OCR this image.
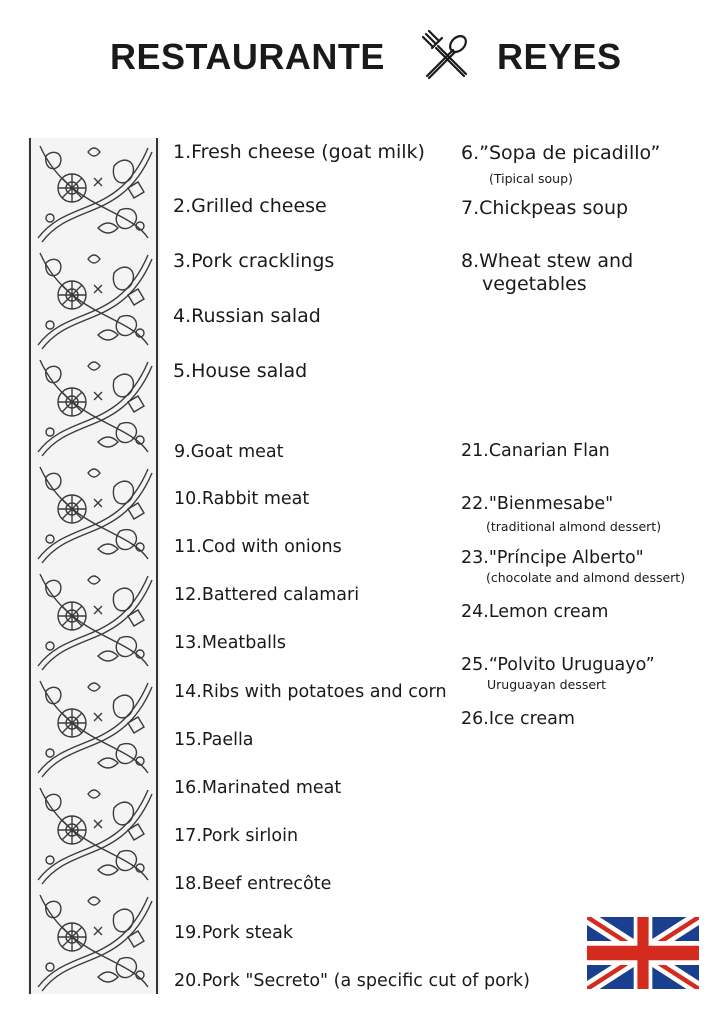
RESTAURANTE	REYES
1.Fresh cheese (goat milk)
2.Grilled cheese
3.Pork cracklings
4.Russian salad
5.House salad
6.”Sopa de picadillo”
(Tipical soup)
7.Chickpeas soup
8.Wheat stew and
vegetables
9.Goat meat
10.Rabbit meat
11.Cod with onions
12.Battered calamari
13.Meatballs
14.Ribs with potatoes and corn
15.Paella
16.Marinated meat
17.Pork sirloin
18.Beef entrecôte
19.Pork steak
20.Pork "Secreto" (a specific cut of pork)
21.Canarian Flan
22."Bienmesabe"
(traditional almond dessert)
23."Príncipe Alberto"
(chocolate and almond dessert)
24.Lemon cream
25.“Polvito Uruguayo”
Uruguayan dessert
26.Ice cream
